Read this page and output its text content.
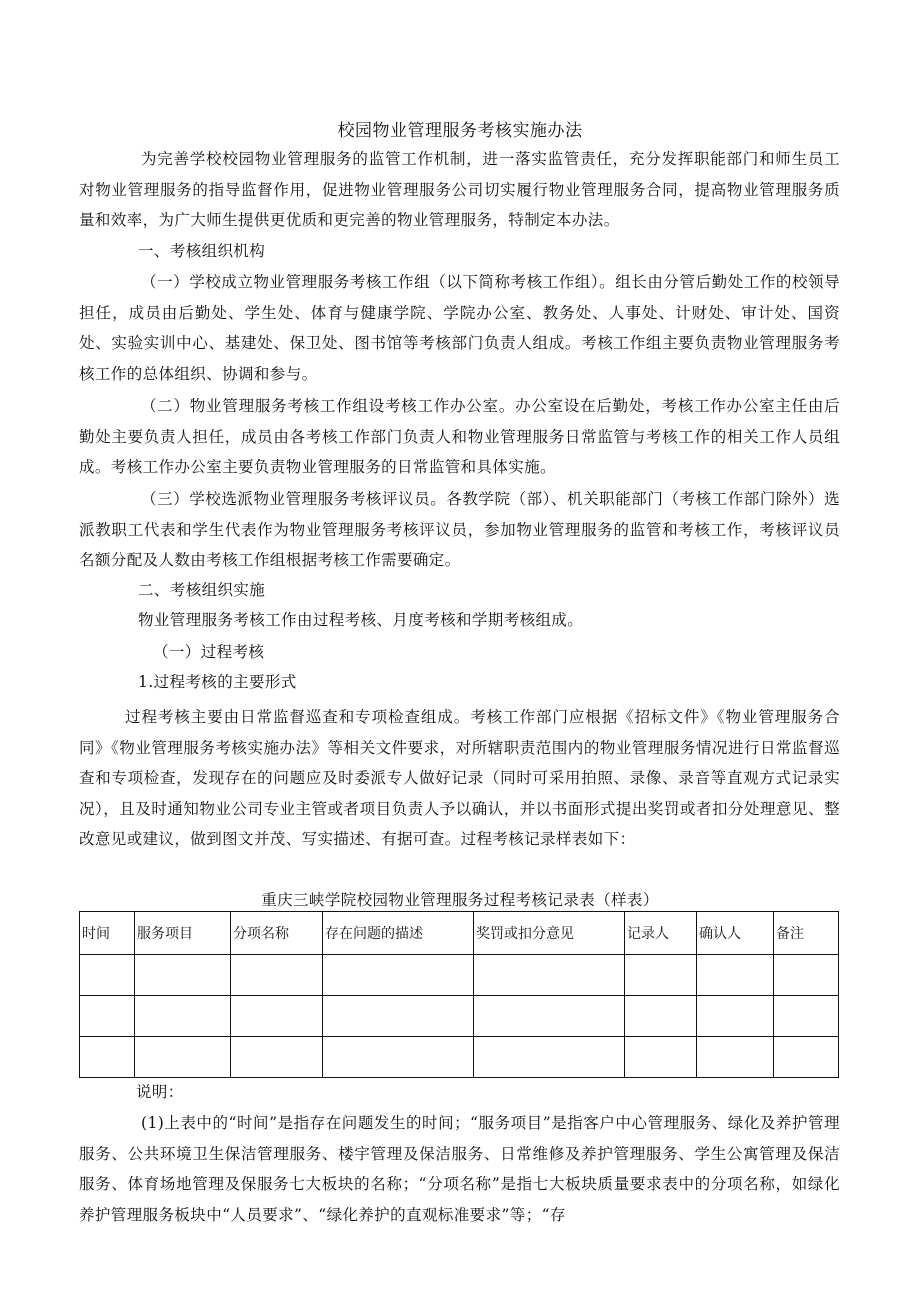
校园物业管理服务考核实施办法

为完善学校校园物业管理服务的监管工作机制，进一落实监管责任，充分发挥职能部门和师生员工对物业管理服务的指导监督作用，促进物业管理服务公司切实履行物业管理服务合同，提高物业管理服务质量和效率，为广大师生提供更优质和更完善的物业管理服务，特制定本办法。

一、考核组织机构

（一）学校成立物业管理服务考核工作组（以下简称考核工作组）。组长由分管后勤处工作的校领导担任，成员由后勤处、学生处、体育与健康学院、学院办公室、教务处、人事处、计财处、审计处、国资处、实验实训中心、基建处、保卫处、图书馆等考核部门负责人组成。考核工作组主要负责物业管理服务考核工作的总体组织、协调和参与。

（二）物业管理服务考核工作组设考核工作办公室。办公室设在后勤处，考核工作办公室主任由后勤处主要负责人担任，成员由各考核工作部门负责人和物业管理服务日常监管与考核工作的相关工作人员组成。考核工作办公室主要负责物业管理服务的日常监管和具体实施。

（三）学校选派物业管理服务考核评议员。各教学院（部）、机关职能部门（考核工作部门除外）选派教职工代表和学生代表作为物业管理服务考核评议员，参加物业管理服务的监管和考核工作，考核评议员名额分配及人数由考核工作组根据考核工作需要确定。

二、考核组织实施
物业管理服务考核工作由过程考核、月度考核和学期考核组成。
（一）过程考核
1.过程考核的主要形式

过程考核主要由日常监督巡查和专项检查组成。考核工作部门应根据《招标文件》《物业管理服务合同》《物业管理服务考核实施办法》等相关文件要求，对所辖职责范围内的物业管理服务情况进行日常监督巡查和专项检查，发现存在的问题应及时委派专人做好记录（同时可采用拍照、录像、录音等直观方式记录实况），且及时通知物业公司专业主管或者项目负责人予以确认，并以书面形式提出奖罚或者扣分处理意见、整改意见或建议，做到图文并茂、写实描述、有据可查。过程考核记录样表如下：

重庆三峡学院校园物业管理服务过程考核记录表（样表）
时间	服务项目	分项名称	存在问题的描述	奖罚或扣分意见	记录人	确认人	备注

说明：

(1)上表中的“时间”是指存在问题发生的时间；“服务项目”是指客户中心管理服务、绿化及养护管理服务、公共环境卫生保洁管理服务、楼宇管理及保洁服务、日常维修及养护管理服务、学生公寓管理及保洁服务、体育场地管理及保服务七大板块的名称；“分项名称”是指七大板块质量要求表中的分项名称，如绿化养护管理服务板块中“人员要求”、“绿化养护的直观标准要求”等；“存
